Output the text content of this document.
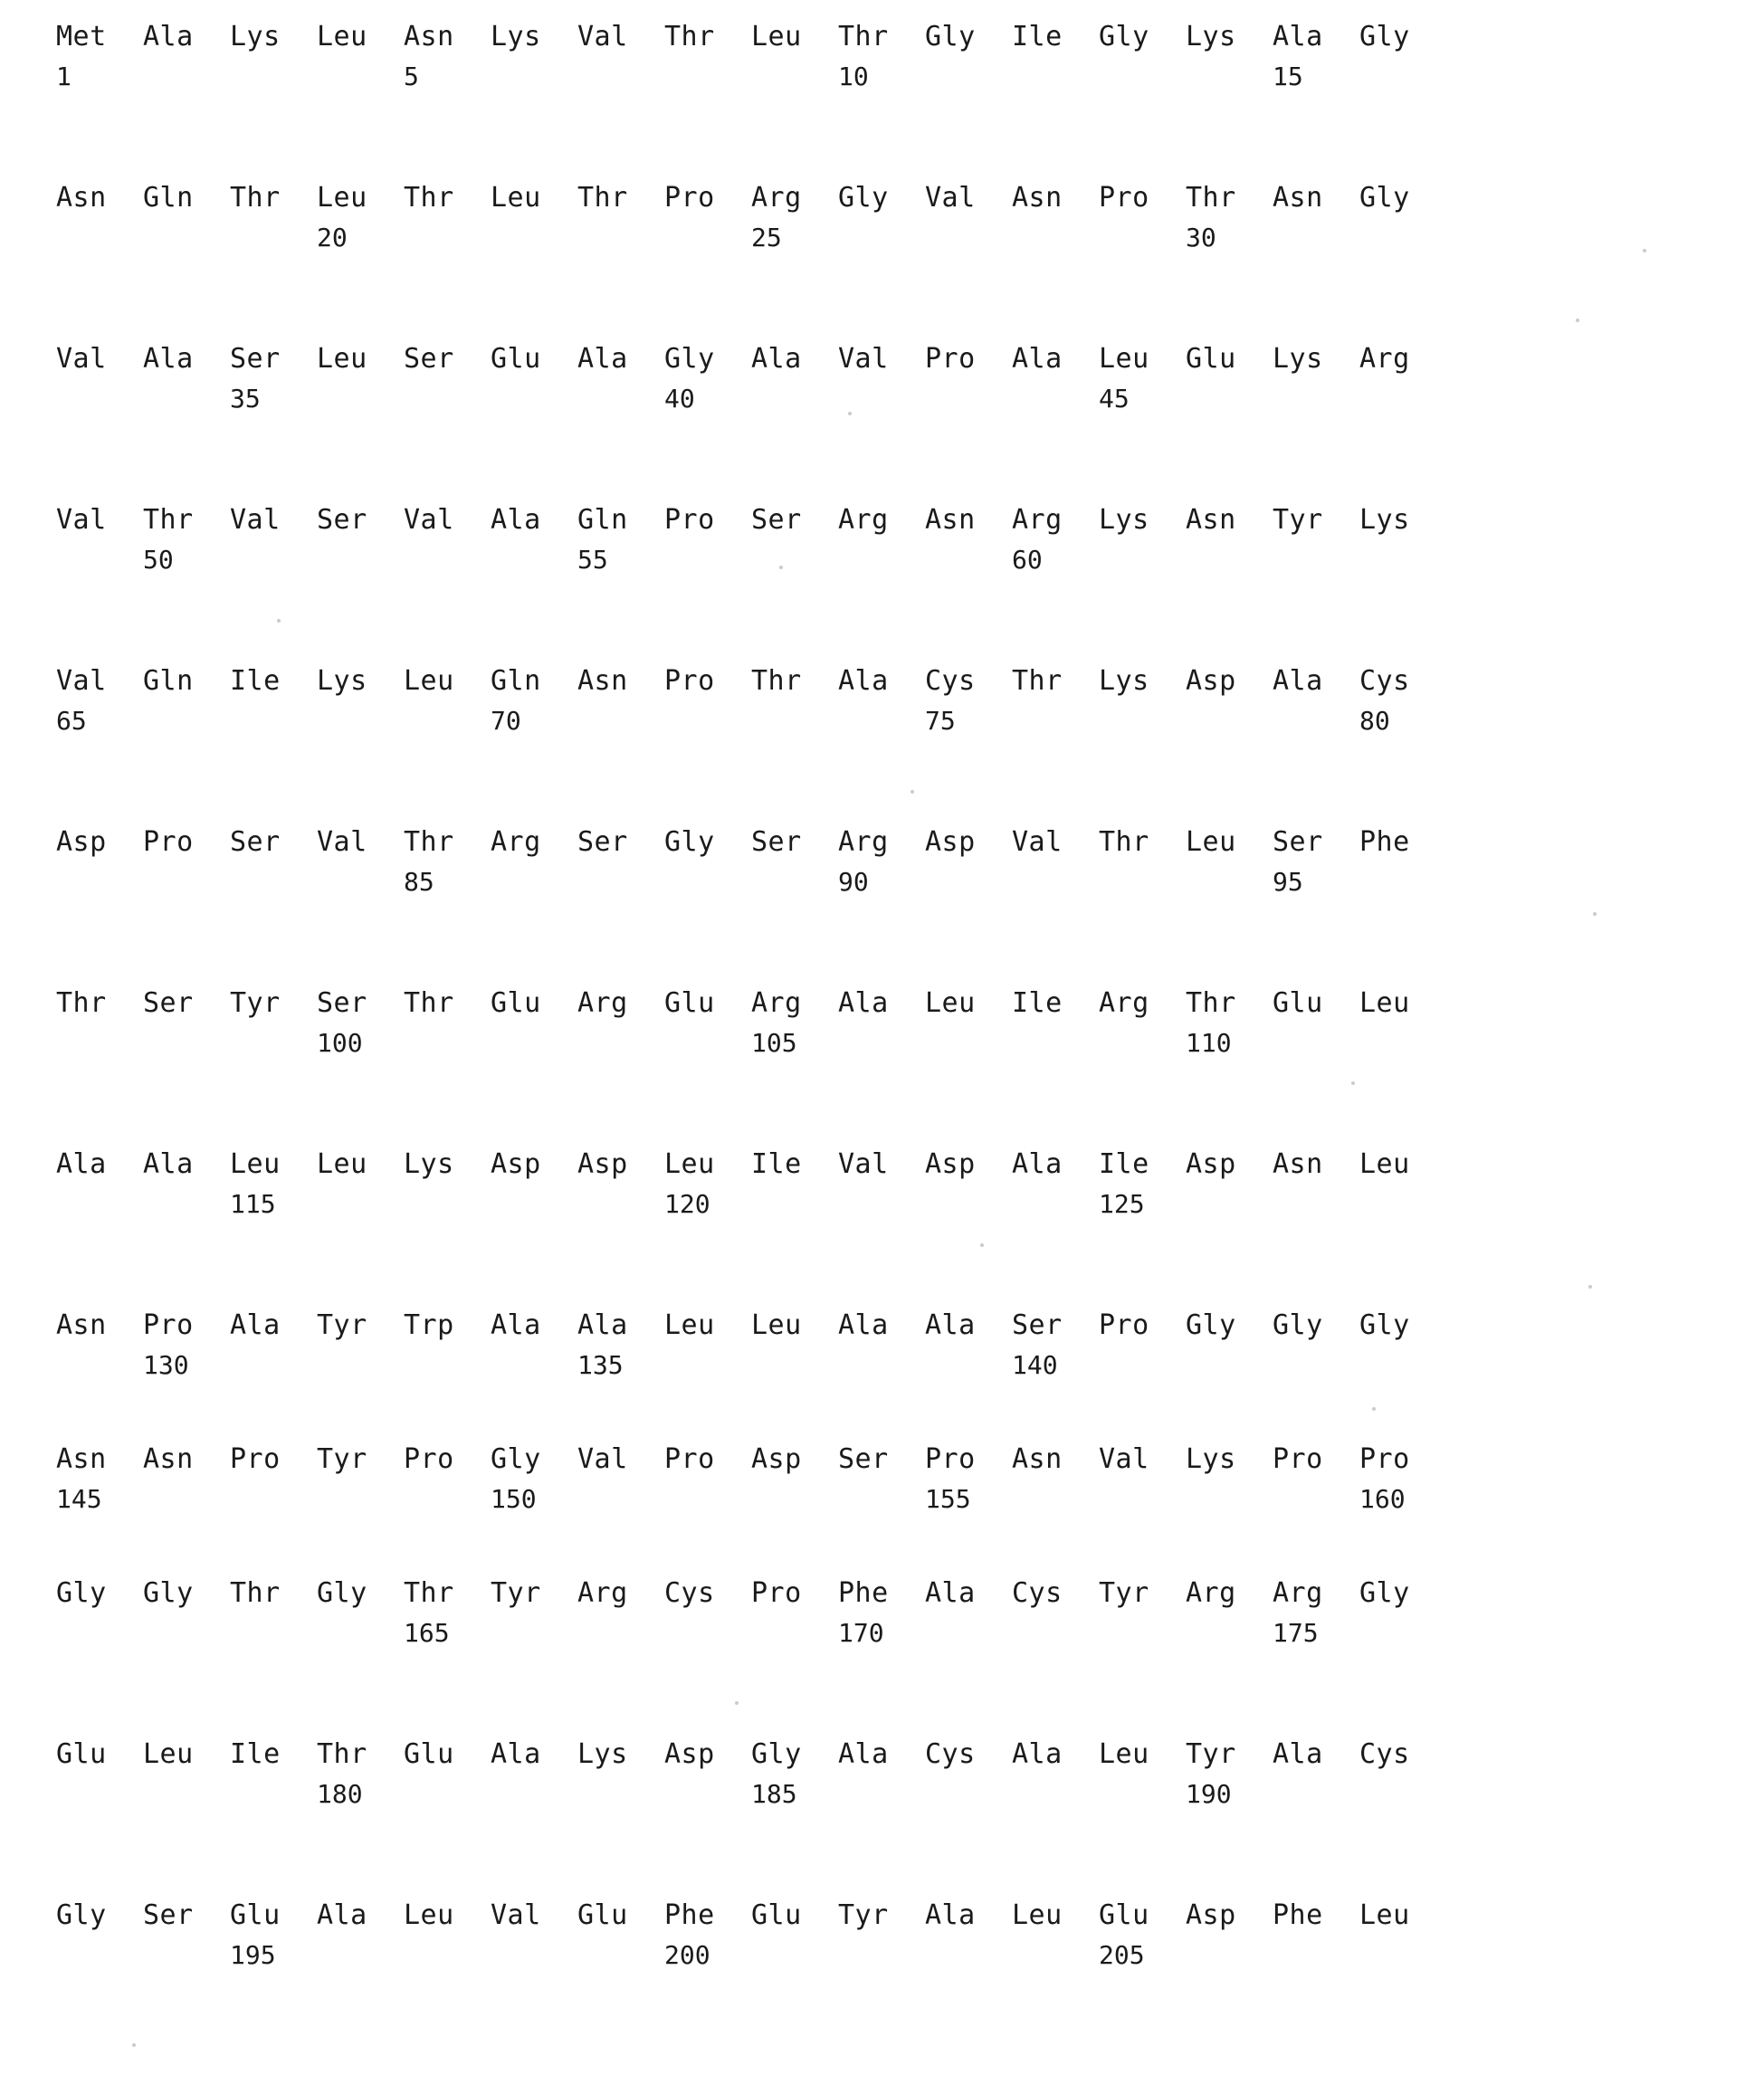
Met Ala Lys Leu Asn Lys Val Thr Leu Thr Gly Ile Gly Lys Ala Gly
1	5	10	15
Asn Gln Thr Leu Thr Leu Thr Pro Arg Gly Val Asn Pro Thr Asn Gly
20	25	30
Val Ala Ser Leu Ser Glu Ala Gly Ala Val Pro Ala Leu Glu Lys Arg
35	40	45
Val Thr Val Ser Val Ala Gln Pro Ser Arg Asn Arg Lys Asn Tyr Lys
50	55	60
Val Gln Ile Lys Leu Gln Asn Pro Thr Ala Cys Thr Lys Asp Ala Cys
65	70	75	80
Asp Pro Ser Val Thr Arg Ser Gly Ser Arg Asp Val Thr Leu Ser Phe
85	90	95
Thr Ser Tyr Ser Thr Glu Arg Glu Arg Ala Leu Ile Arg Thr Glu Leu
100	105	110
Ala Ala Leu Leu Lys Asp Asp Leu Ile Val Asp Ala Ile Asp Asn Leu
115	120	125
Asn Pro Ala Tyr Trp Ala Ala Leu Leu Ala Ala Ser Pro Gly Gly Gly
130	135	140
Asn Asn Pro Tyr Pro Gly Val Pro Asp Ser Pro Asn Val Lys Pro Pro
145	150	155	160
Gly Gly Thr Gly Thr Tyr Arg Cys Pro Phe Ala Cys Tyr Arg Arg Gly
165	170	175
Glu Leu Ile Thr Glu Ala Lys Asp Gly Ala Cys Ala Leu Tyr Ala Cys
180	185	190
Gly Ser Glu Ala Leu Val Glu Phe Glu Tyr Ala Leu Glu Asp Phe Leu
195	200	205
